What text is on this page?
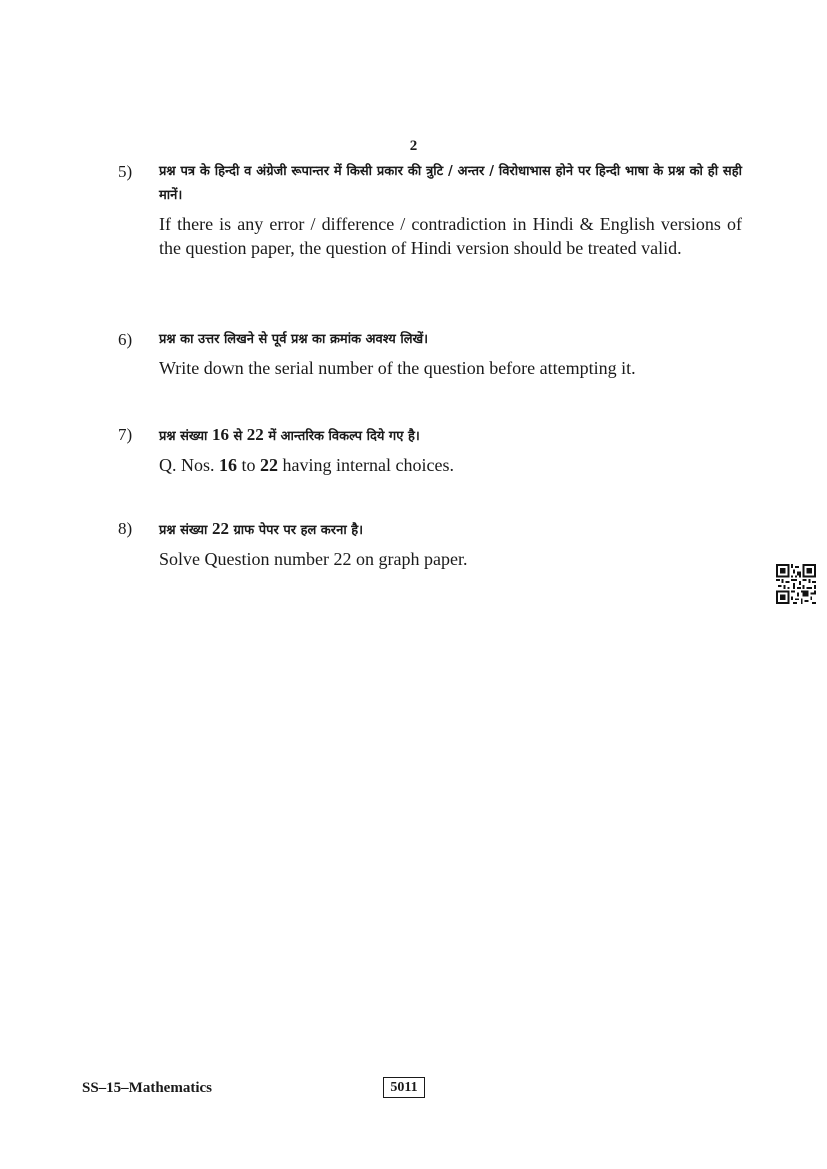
2
5) प्रश्न पत्र के हिन्दी व अंग्रेजी रूपान्तर में किसी प्रकार की त्रुटि / अन्तर / विरोधाभास होने पर हिन्दी भाषा के प्रश्न को ही सही मानें।
If there is any error / difference / contradiction in Hindi & English versions of the question paper, the question of Hindi version should be treated valid.
6) प्रश्न का उत्तर लिखने से पूर्व प्रश्न का क्रमांक अवश्य लिखें।
Write down the serial number of the question before attempting it.
7) प्रश्न संख्या 16 से 22 में आन्तरिक विकल्प दिये गए है।
Q. Nos. 16 to 22 having internal choices.
8) प्रश्न संख्या 22 ग्राफ पेपर पर हल करना है।
Solve Question number 22 on graph paper.
SS–15–Mathematics	5011
